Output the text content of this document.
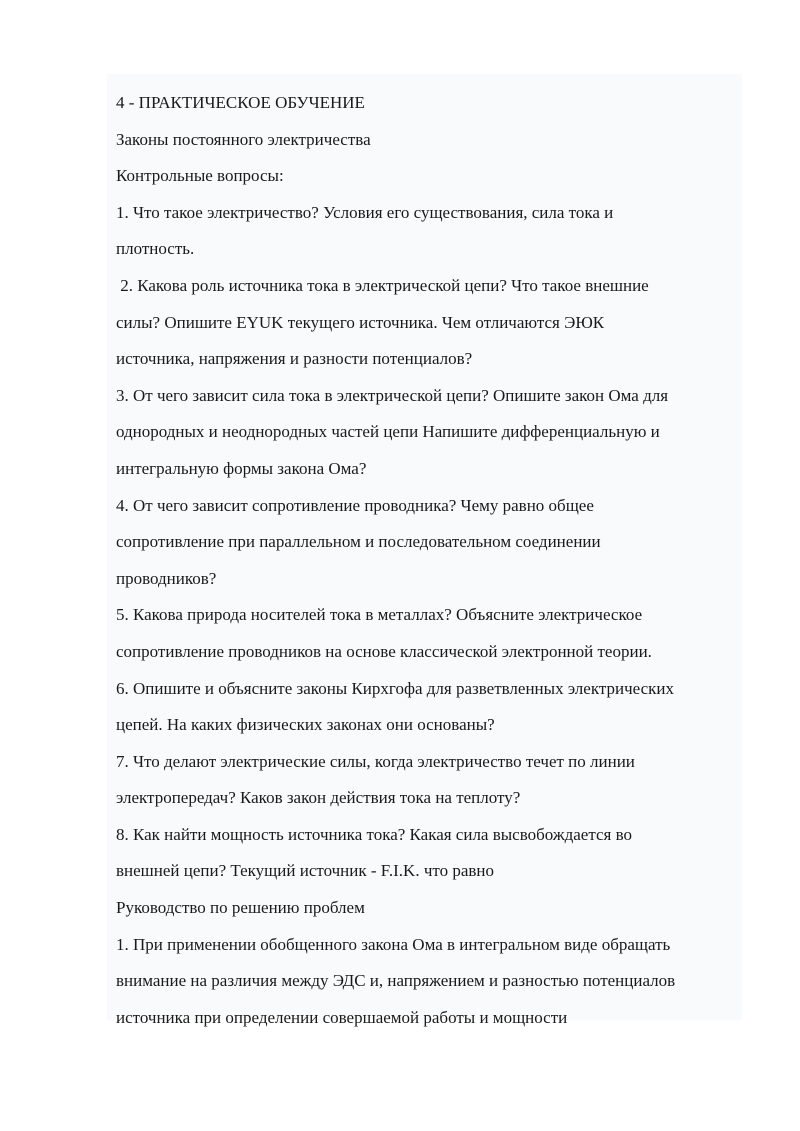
4 - ПРАКТИЧЕСКОЕ ОБУЧЕНИЕ
Законы постоянного электричества
Контрольные вопросы:
1. Что такое электричество? Условия его существования, сила тока и
плотность.
2. Какова роль источника тока в электрической цепи? Что такое внешние
силы? Опишите EYUK текущего источника. Чем отличаются ЭЮК
источника, напряжения и разности потенциалов?
3. От чего зависит сила тока в электрической цепи? Опишите закон Ома для
однородных и неоднородных частей цепи Напишите дифференциальную и
интегральную формы закона Ома?
4. От чего зависит сопротивление проводника? Чему равно общее
сопротивление при параллельном и последовательном соединении
проводников?
5. Какова природа носителей тока в металлах? Объясните электрическое
сопротивление проводников на основе классической электронной теории.
6. Опишите и объясните законы Кирхгофа для разветвленных электрических
цепей. На каких физических законах они основаны?
7. Что делают электрические силы, когда электричество течет по линии
электропередач? Каков закон действия тока на теплоту?
8. Как найти мощность источника тока? Какая сила высвобождается во
внешней цепи? Текущий источник - F.I.K. что равно
Руководство по решению проблем
1. При применении обобщенного закона Ома в интегральном виде обращать
внимание на различия между ЭДС и, напряжением и разностью потенциалов
источника при определении совершаемой работы и мощности
